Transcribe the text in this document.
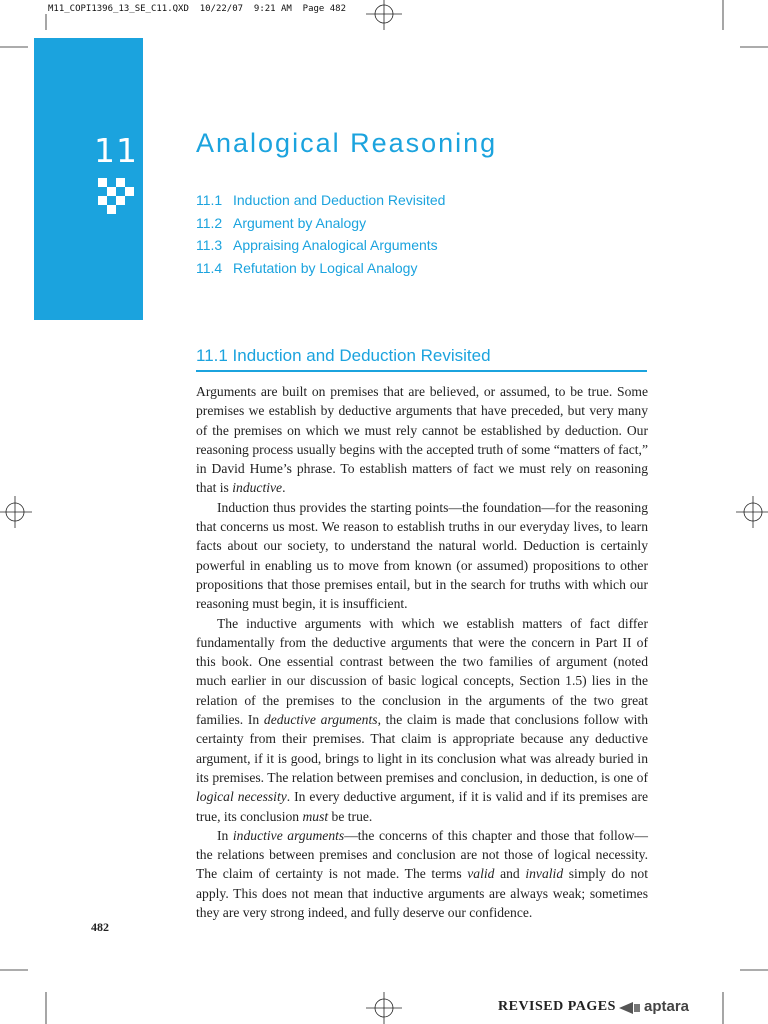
M11_COPI1396_13_SE_C11.QXD  10/22/07  9:21 AM  Page 482
11 Analogical Reasoning
11.1 Induction and Deduction Revisited
11.2 Argument by Analogy
11.3 Appraising Analogical Arguments
11.4 Refutation by Logical Analogy
11.1 Induction and Deduction Revisited

Arguments are built on premises that are believed, or assumed, to be true. Some premises we establish by deductive arguments that have preceded, but very many of the premises on which we must rely cannot be established by deduction. Our reasoning process usually begins with the accepted truth of some “matters of fact,” in David Hume’s phrase. To establish matters of fact we must rely on reasoning that is inductive.

Induction thus provides the starting points—the foundation—for the reasoning that concerns us most. We reason to establish truths in our everyday lives, to learn facts about our society, to understand the natural world. Deduction is certainly powerful in enabling us to move from known (or assumed) propositions to other propositions that those premises entail, but in the search for truths with which our reasoning must begin, it is insufficient.

The inductive arguments with which we establish matters of fact differ fundamentally from the deductive arguments that were the concern in Part II of this book. One essential contrast between the two families of argument (noted much earlier in our discussion of basic logical concepts, Section 1.5) lies in the relation of the premises to the conclusion in the arguments of the two great families. In deductive arguments, the claim is made that conclusions follow with certainty from their premises. That claim is appropriate because any deductive argument, if it is good, brings to light in its conclusion what was already buried in its premises. The relation between premises and conclusion, in deduction, is one of logical necessity. In every deductive argument, if it is valid and if its premises are true, its conclusion must be true.

In inductive arguments—the concerns of this chapter and those that follow—the relations between premises and conclusion are not those of logical necessity. The claim of certainty is not made. The terms valid and invalid simply do not apply. This does not mean that inductive arguments are always weak; sometimes they are very strong indeed, and fully deserve our confidence.

482
REVISED PAGES aptara
